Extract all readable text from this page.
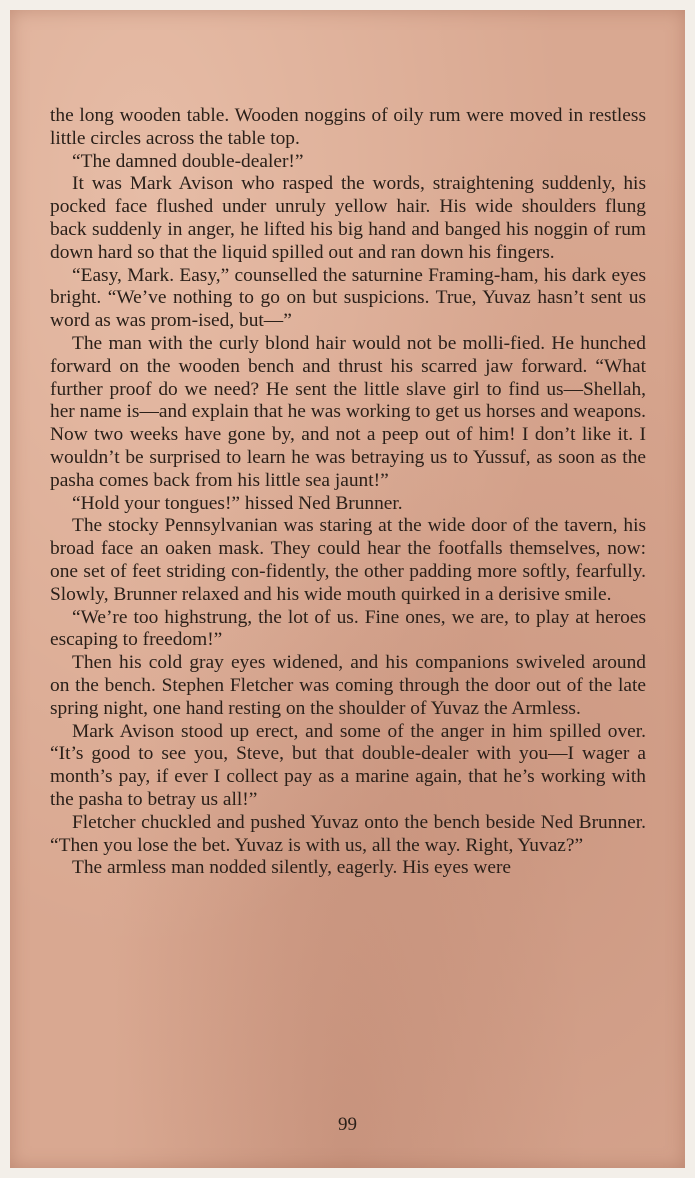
the long wooden table. Wooden noggins of oily rum were moved in restless little circles across the table top.

“The damned double-dealer!”

It was Mark Avison who rasped the words, straightening suddenly, his pocked face flushed under unruly yellow hair. His wide shoulders flung back suddenly in anger, he lifted his big hand and banged his noggin of rum down hard so that the liquid spilled out and ran down his fingers.

“Easy, Mark. Easy,” counselled the saturnine Framing-ham, his dark eyes bright. “We’ve nothing to go on but suspicions. True, Yuvaz hasn’t sent us word as was prom-ised, but—”

The man with the curly blond hair would not be molli-fied. He hunched forward on the wooden bench and thrust his scarred jaw forward. “What further proof do we need? He sent the little slave girl to find us—Shellah, her name is—and explain that he was working to get us horses and weapons. Now two weeks have gone by, and not a peep out of him! I don’t like it. I wouldn’t be surprised to learn he was betraying us to Yussuf, as soon as the pasha comes back from his little sea jaunt!”

“Hold your tongues!” hissed Ned Brunner.

The stocky Pennsylvanian was staring at the wide door of the tavern, his broad face an oaken mask. They could hear the footfalls themselves, now: one set of feet striding con-fidently, the other padding more softly, fearfully. Slowly, Brunner relaxed and his wide mouth quirked in a derisive smile.

“We’re too highstrung, the lot of us. Fine ones, we are, to play at heroes escaping to freedom!”

Then his cold gray eyes widened, and his companions swiveled around on the bench. Stephen Fletcher was coming through the door out of the late spring night, one hand resting on the shoulder of Yuvaz the Armless.

Mark Avison stood up erect, and some of the anger in him spilled over. “It’s good to see you, Steve, but that double-dealer with you—I wager a month’s pay, if ever I collect pay as a marine again, that he’s working with the pasha to betray us all!”

Fletcher chuckled and pushed Yuvaz onto the bench beside Ned Brunner. “Then you lose the bet. Yuvaz is with us, all the way. Right, Yuvaz?”

The armless man nodded silently, eagerly. His eyes were

99
